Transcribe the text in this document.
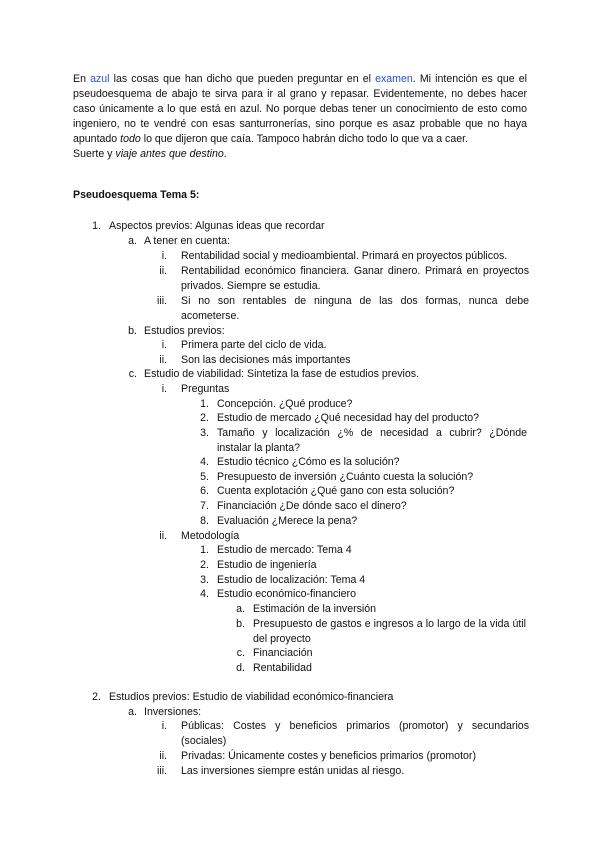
En azul las cosas que han dicho que pueden preguntar en el examen. Mi intención es que el pseudoesquema de abajo te sirva para ir al grano y repasar. Evidentemente, no debes hacer caso únicamente a lo que está en azul. No porque debas tener un conocimiento de esto como ingeniero, no te vendré con esas santurronerías, sino porque es asaz probable que no haya apuntado todo lo que dijeron que caía. Tampoco habrán dicho todo lo que va a caer.
Suerte y viaje antes que destino.
Pseudoesquema Tema 5:
1. Aspectos previos: Algunas ideas que recordar
a. A tener en cuenta:
i. Rentabilidad social y medioambiental. Primará en proyectos públicos.
ii. Rentabilidad económico financiera. Ganar dinero. Primará en proyectos privados. Siempre se estudia.
iii. Si no son rentables de ninguna de las dos formas, nunca debe acometerse.
b. Estudios previos:
i. Primera parte del ciclo de vida.
ii. Son las decisiones más importantes
c. Estudio de viabilidad: Sintetiza la fase de estudios previos.
i. Preguntas
1. Concepción. ¿Qué produce?
2. Estudio de mercado ¿Qué necesidad hay del producto?
3. Tamaño y localización ¿% de necesidad a cubrir? ¿Dónde instalar la planta?
4. Estudio técnico ¿Cómo es la solución?
5. Presupuesto de inversión ¿Cuánto cuesta la solución?
6. Cuenta explotación ¿Qué gano con esta solución?
7. Financiación ¿De dónde saco el dinero?
8. Evaluación ¿Merece la pena?
ii. Metodología
1. Estudio de mercado: Tema 4
2. Estudio de ingeniería
3. Estudio de localización: Tema 4
4. Estudio económico-financiero
a. Estimación de la inversión
b. Presupuesto de gastos e ingresos a lo largo de la vida útil del proyecto
c. Financiación
d. Rentabilidad
2. Estudios previos: Estudio de viabilidad económico-financiera
a. Inversiones:
i. Públicas: Costes y beneficios primarios (promotor) y secundarios (sociales)
ii. Privadas: Únicamente costes y beneficios primarios (promotor)
iii. Las inversiones siempre están unidas al riesgo.
